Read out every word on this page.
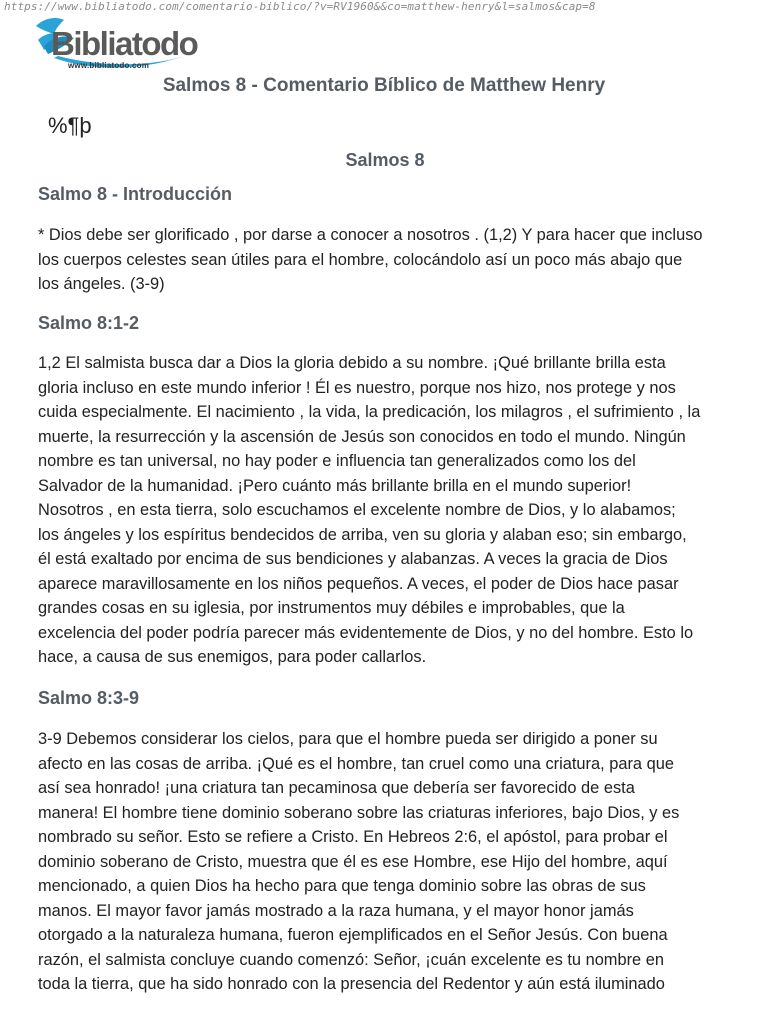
https://www.bibliatodo.com/comentario-biblico/?v=RV1960&&co=matthew-henry&l=salmos&cap=8
Bibliatodo
www.bibliatodo.com
Salmos 8 - Comentario Bíblico de Matthew Henry
%¶þ
Salmos 8
Salmo 8 - Introducción
* Dios debe ser glorificado , por darse a conocer a nosotros . (1,2) Y para hacer que incluso
los cuerpos celestes sean útiles para el hombre, colocándolo así un poco más abajo que
los ángeles. (3-9)
Salmo 8:1-2
1,2 El salmista busca dar a Dios la gloria debido a su nombre. ¡Qué brillante brilla esta
gloria incluso en este mundo inferior ! Él es nuestro, porque nos hizo, nos protege y nos
cuida especialmente. El nacimiento , la vida, la predicación, los milagros , el sufrimiento , la
muerte, la resurrección y la ascensión de Jesús son conocidos en todo el mundo. Ningún
nombre es tan universal, no hay poder e influencia tan generalizados como los del
Salvador de la humanidad. ¡Pero cuánto más brillante brilla en el mundo superior!
Nosotros , en esta tierra, solo escuchamos el excelente nombre de Dios, y lo alabamos;
los ángeles y los espíritus bendecidos de arriba, ven su gloria y alaban eso; sin embargo,
él está exaltado por encima de sus bendiciones y alabanzas. A veces la gracia de Dios
aparece maravillosamente en los niños pequeños. A veces, el poder de Dios hace pasar
grandes cosas en su iglesia, por instrumentos muy débiles e improbables, que la
excelencia del poder podría parecer más evidentemente de Dios, y no del hombre. Esto lo
hace, a causa de sus enemigos, para poder callarlos.
Salmo 8:3-9
3-9 Debemos considerar los cielos, para que el hombre pueda ser dirigido a poner su
afecto en las cosas de arriba. ¡Qué es el hombre, tan cruel como una criatura, para que
así sea honrado! ¡una criatura tan pecaminosa que debería ser favorecido de esta
manera! El hombre tiene dominio soberano sobre las criaturas inferiores, bajo Dios, y es
nombrado su señor. Esto se refiere a Cristo. En Hebreos 2:6, el apóstol, para probar el
dominio soberano de Cristo, muestra que él es ese Hombre, ese Hijo del hombre, aquí
mencionado, a quien Dios ha hecho para que tenga dominio sobre las obras de sus
manos. El mayor favor jamás mostrado a la raza humana, y el mayor honor jamás
otorgado a la naturaleza humana, fueron ejemplificados en el Señor Jesús. Con buena
razón, el salmista concluye cuando comenzó: Señor, ¡cuán excelente es tu nombre en
toda la tierra, que ha sido honrado con la presencia del Redentor y aún está iluminado
